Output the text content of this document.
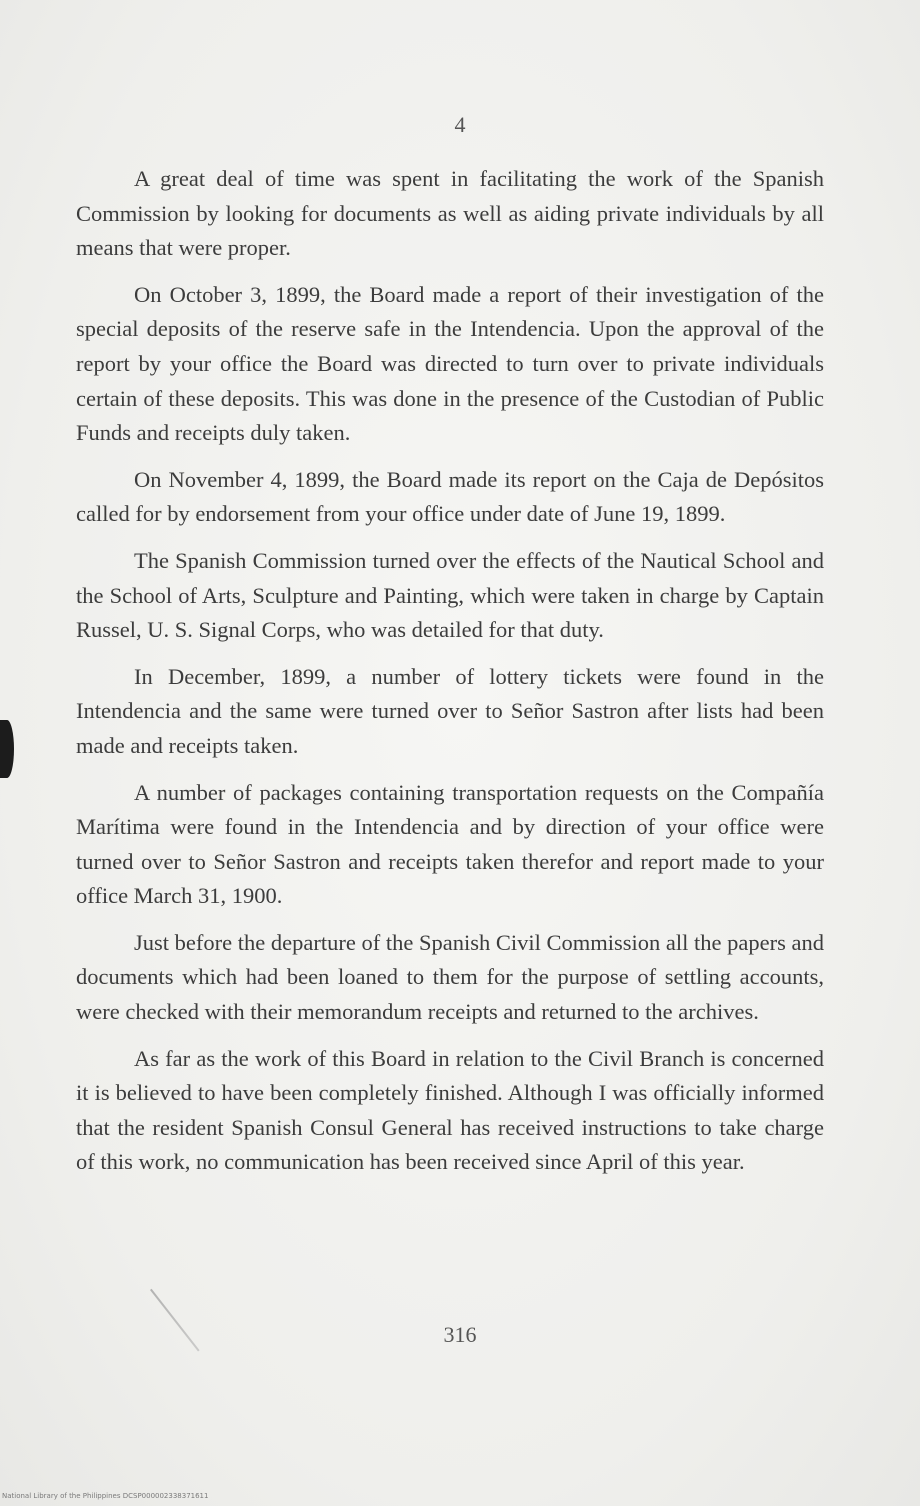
4

A great deal of time was spent in facilitating the work of the Spanish Commission by looking for documents as well as aiding private individuals by all means that were proper.

On October 3, 1899, the Board made a report of their investigation of the special deposits of the reserve safe in the Intendencia. Upon the approval of the report by your office the Board was directed to turn over to private individuals certain of these deposits. This was done in the presence of the Custodian of Public Funds and receipts duly taken.

On November 4, 1899, the Board made its report on the Caja de Depósitos called for by endorsement from your office under date of June 19, 1899.

The Spanish Commission turned over the effects of the Nautical School and the School of Arts, Sculpture and Painting, which were taken in charge by Captain Russel, U. S. Signal Corps, who was detailed for that duty.

In December, 1899, a number of lottery tickets were found in the Intendencia and the same were turned over to Señor Sastron after lists had been made and receipts taken.

A number of packages containing transportation requests on the Compañía Marítima were found in the Intendencia and by direction of your office were turned over to Señor Sastron and receipts taken therefor and report made to your office March 31, 1900.

Just before the departure of the Spanish Civil Commission all the papers and documents which had been loaned to them for the purpose of settling accounts, were checked with their memorandum receipts and returned to the archives.

As far as the work of this Board in relation to the Civil Branch is concerned it is believed to have been completely finished. Although I was officially informed that the resident Spanish Consul General has received instructions to take charge of this work, no communication has been received since April of this year.

316
National Library of the Philippines DCSP000002338371611
